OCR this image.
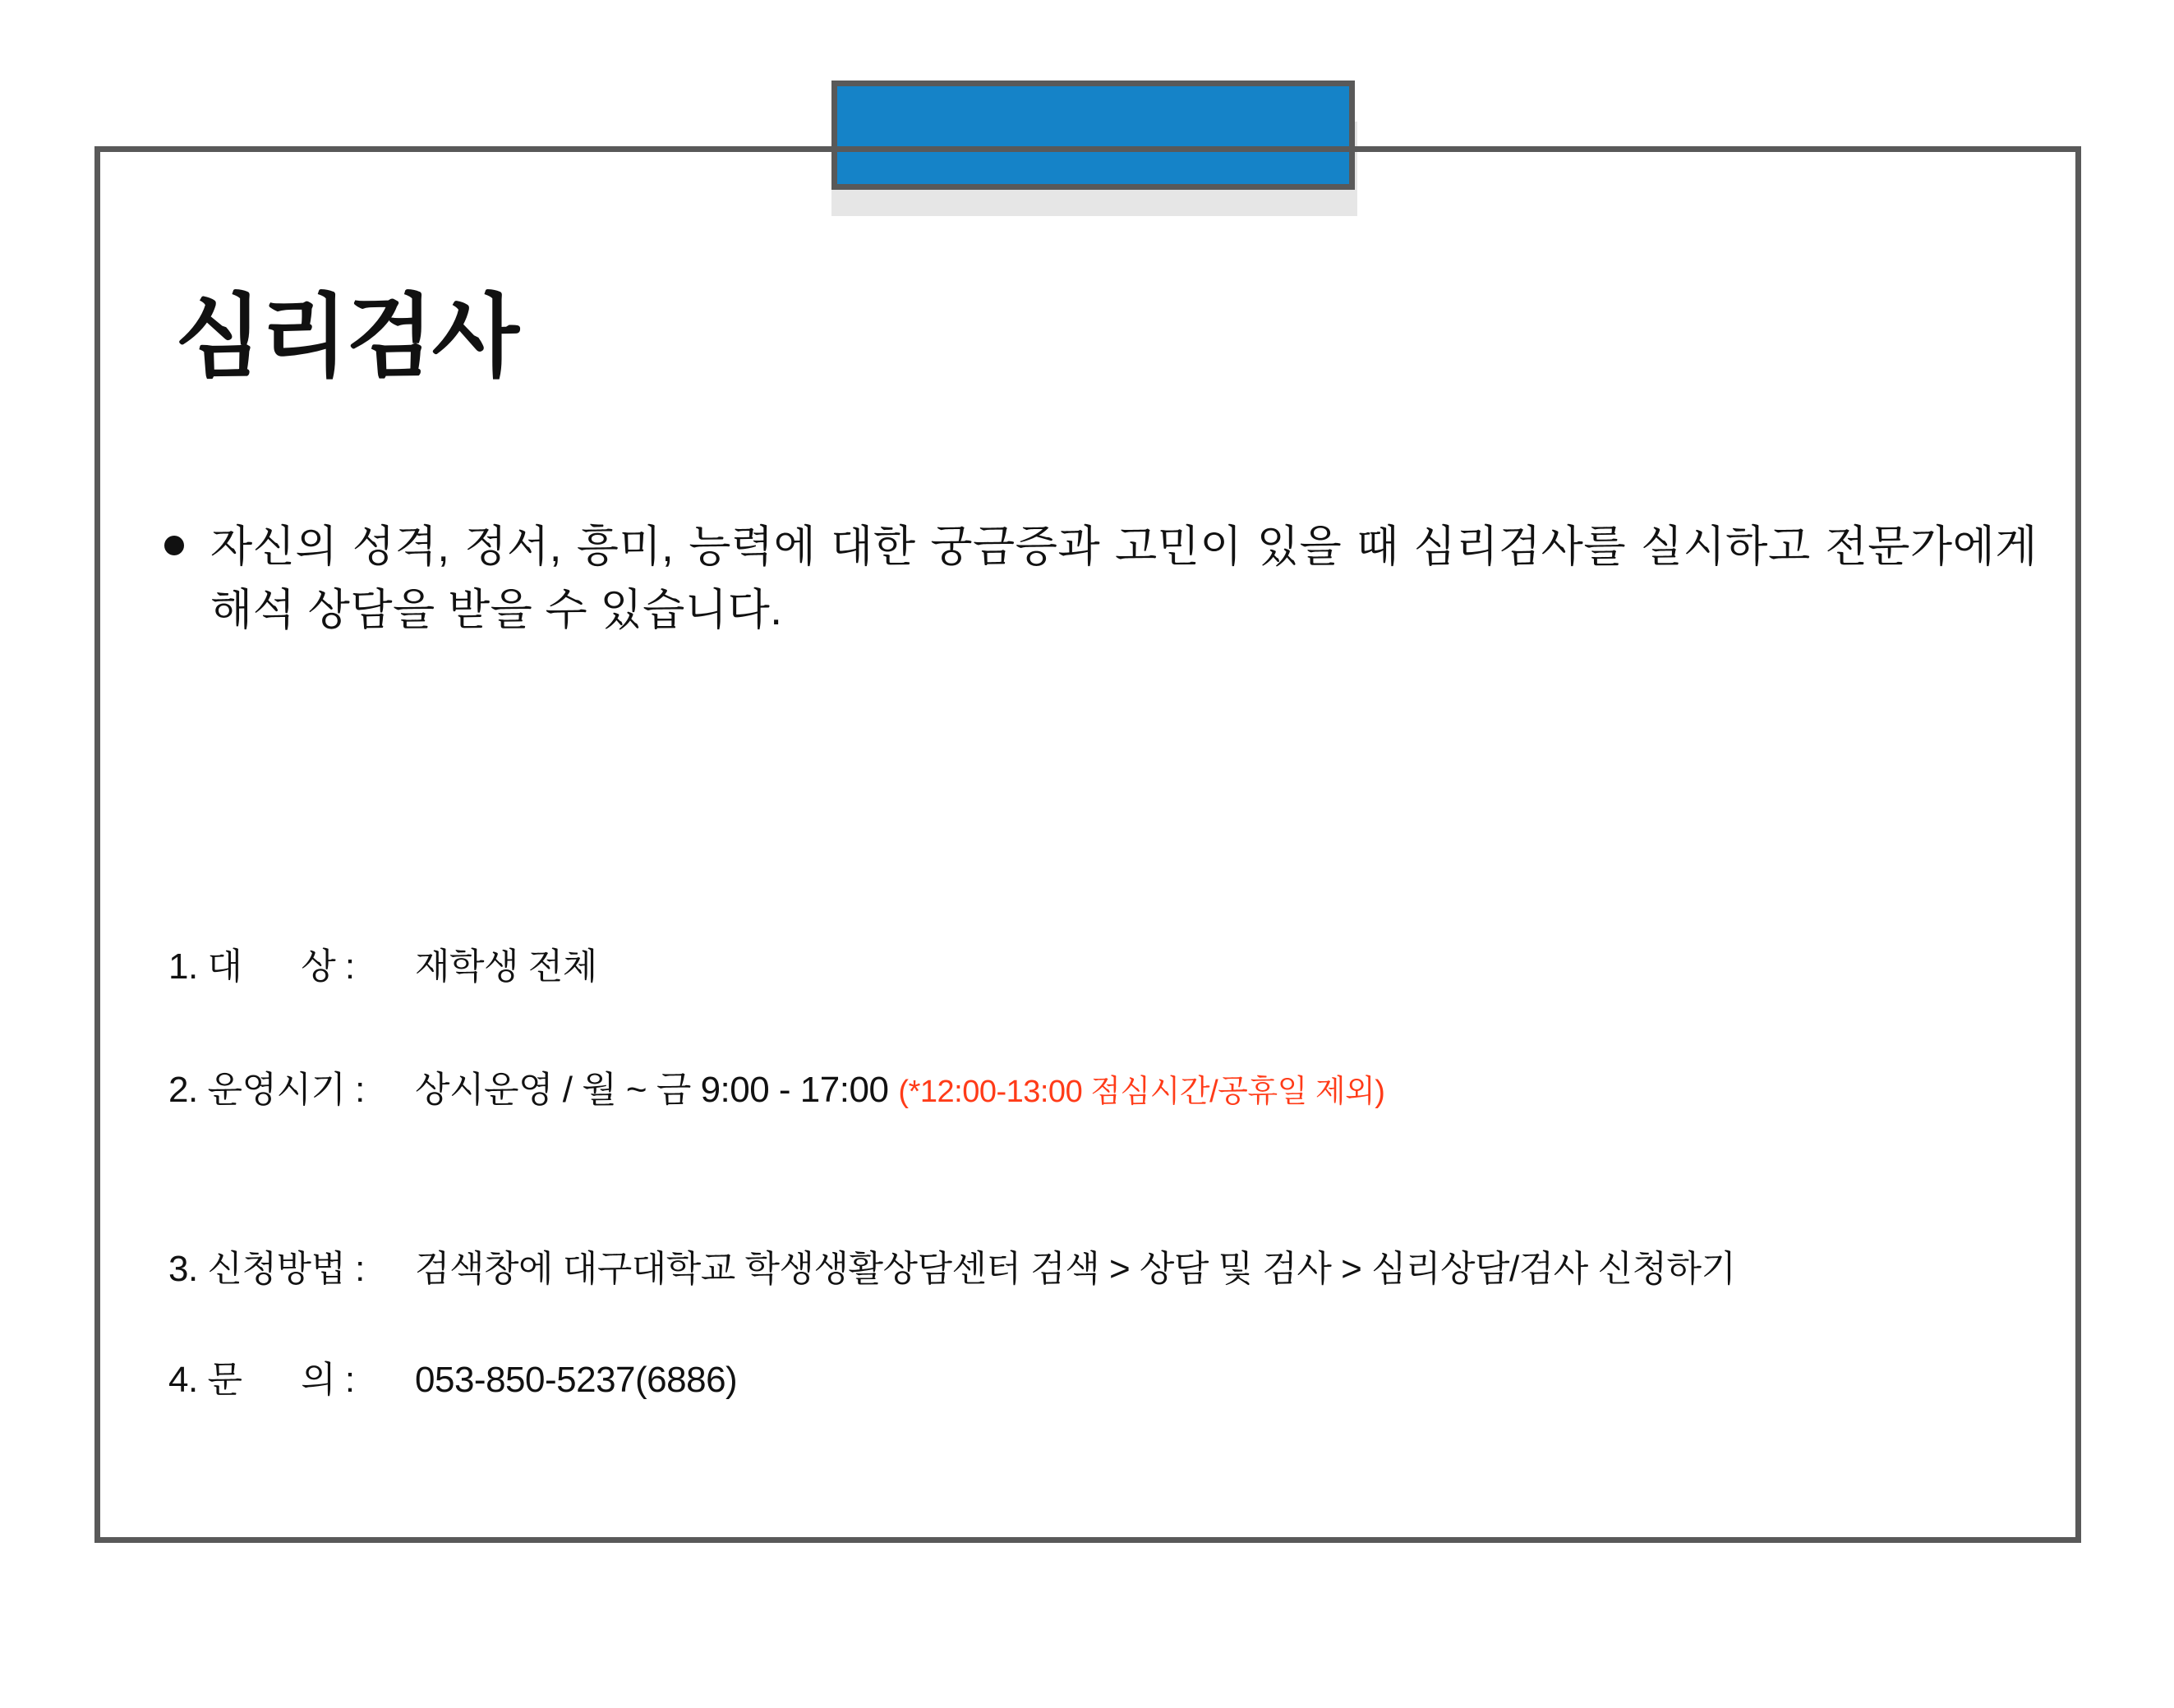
심리검사
자신의 성격, 정서, 흥미, 능력에 대한 궁금증과 고민이 있을 때 심리검사를 실시하고 전문가에게 해석 상담을 받을 수 있습니다.
1. 대 상 :	재학생 전체
2. 운영시기 :	상시운영 / 월 ~ 금 9:00 - 17:00 (*12:00-13:00 점심시간/공휴일 제외)
3. 신청방법 :	검색창에 대구대학교 학생생활상담센터 검색 > 상담 및 검사 > 심리상담/검사 신청하기
4. 문 의 :	053-850-5237(6886)
